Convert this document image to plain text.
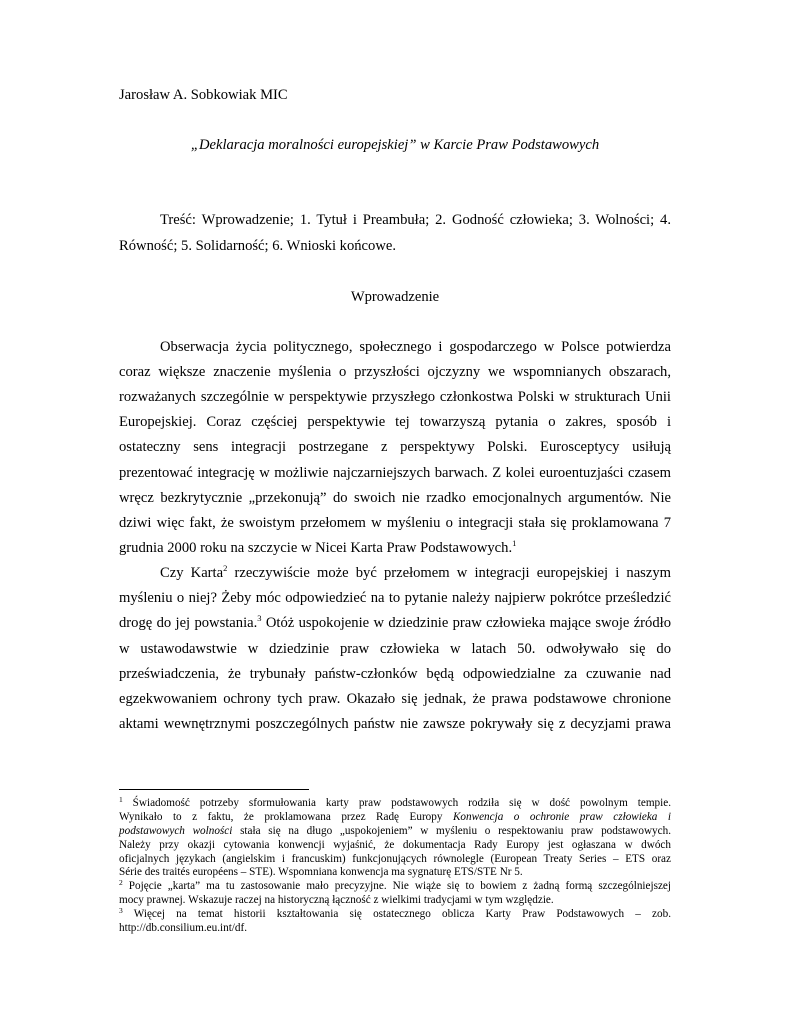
Jarosław A. Sobkowiak MIC
„Deklaracja moralności europejskiej” w Karcie Praw Podstawowych
Treść: Wprowadzenie; 1. Tytuł i Preambuła; 2. Godność człowieka; 3. Wolności; 4.
Równość; 5. Solidarność; 6. Wnioski końcowe.
Wprowadzenie
Obserwacja życia politycznego, społecznego i gospodarczego w Polsce potwierdza
coraz większe znaczenie myślenia o przyszłości ojczyzny we wspomnianych obszarach,
rozważanych szczególnie w perspektywie przyszłego członkostwa Polski w strukturach Unii
Europejskiej. Coraz częściej perspektywie tej towarzyszą pytania o zakres, sposób i
ostateczny sens integracji postrzegane z perspektywy Polski. Eurosceptycy usiłują
prezentować integrację w możliwie najczarniejszych barwach. Z kolei euroentuzjaści czasem
wręcz bezkrytycznie „przekonują” do swoich nie rzadko emocjonalnych argumentów. Nie
dziwi więc fakt, że swoistym przełomem w myśleniu o integracji stała się proklamowana 7
grudnia 2000 roku na szczycie w Nicei Karta Praw Podstawowych.$^1$
Czy Karta$^2$ rzeczywiście może być przełomem w integracji europejskiej i naszym
myśleniu o niej? Żeby móc odpowiedzieć na to pytanie należy najpierw pokrótce prześledzić
drogę do jej powstania.$^3$ Otóż uspokojenie w dziedzinie praw człowieka mające swoje źródło
w ustawodawstwie w dziedzinie praw człowieka w latach 50. odwoływało się do
przeświadczenia, że trybunały państw-członków będą odpowiedzialne za czuwanie nad
egzekwowaniem ochrony tych praw. Okazało się jednak, że prawa podstawowe chronione
aktami wewnętrznymi poszczególnych państw nie zawsze pokrywały się z decyzjami prawa
$^1$ Świadomość potrzeby sformułowania karty praw podstawowych rodziła się w dość powolnym tempie.
Wynikało to z faktu, że proklamowana przez Radę Europy Konwencja o ochronie praw człowieka i
podstawowych wolności stała się na długo „uspokojeniem” w myśleniu o respektowaniu praw podstawowych.
Należy przy okazji cytowania konwencji wyjaśnić, że dokumentacja Rady Europy jest ogłaszana w dwóch
oficjalnych językach (angielskim i francuskim) funkcjonujących równolegle (European Treaty Series – ETS oraz
Série des traités européens – STE). Wspomniana konwencja ma sygnaturę ETS/STE Nr 5.
$^2$ Pojęcie „karta” ma tu zastosowanie mało precyzyjne. Nie wiąże się to bowiem z żadną formą szczególniejszej
mocy prawnej. Wskazuje raczej na historyczną łączność z wielkimi tradycjami w tym względzie.
$^3$ Więcej na temat historii kształtowania się ostatecznego oblicza Karty Praw Podstawowych – zob.
http://db.consilium.eu.int/df.
